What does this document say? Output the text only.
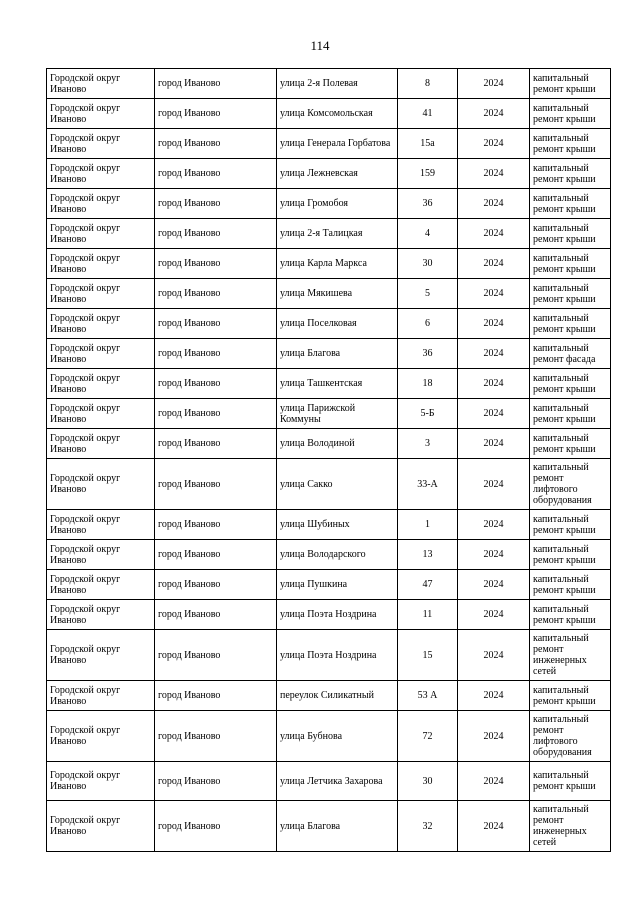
114
Городской округ Иваново	город Иваново	улица 2-я Полевая	8	2024	капитальный ремонт крыши
Городской округ Иваново	город Иваново	улица Комсомольская	41	2024	капитальный ремонт крыши
Городской округ Иваново	город Иваново	улица Генерала Горбатова	15а	2024	капитальный ремонт крыши
Городской округ Иваново	город Иваново	улица Лежневская	159	2024	капитальный ремонт крыши
Городской округ Иваново	город Иваново	улица Громобоя	36	2024	капитальный ремонт крыши
Городской округ Иваново	город Иваново	улица 2-я Талицкая	4	2024	капитальный ремонт крыши
Городской округ Иваново	город Иваново	улица Карла Маркса	30	2024	капитальный ремонт крыши
Городской округ Иваново	город Иваново	улица Мякишева	5	2024	капитальный ремонт крыши
Городской округ Иваново	город Иваново	улица Поселковая	6	2024	капитальный ремонт крыши
Городской округ Иваново	город Иваново	улица Благова	36	2024	капитальный ремонт фасада
Городской округ Иваново	город Иваново	улица Ташкентская	18	2024	капитальный ремонт крыши
Городской округ Иваново	город Иваново	улица Парижской Коммуны	5-Б	2024	капитальный ремонт крыши
Городской округ Иваново	город Иваново	улица Володиной	3	2024	капитальный ремонт крыши
Городской округ Иваново	город Иваново	улица Сакко	33-А	2024	капитальный ремонт лифтового оборудования
Городской округ Иваново	город Иваново	улица Шубиных	1	2024	капитальный ремонт крыши
Городской округ Иваново	город Иваново	улица Володарского	13	2024	капитальный ремонт крыши
Городской округ Иваново	город Иваново	улица Пушкина	47	2024	капитальный ремонт крыши
Городской округ Иваново	город Иваново	улица Поэта Ноздрина	11	2024	капитальный ремонт крыши
Городской округ Иваново	город Иваново	улица Поэта Ноздрина	15	2024	капитальный ремонт инженерных сетей
Городской округ Иваново	город Иваново	переулок Силикатный	53 А	2024	капитальный ремонт крыши
Городской округ Иваново	город Иваново	улица Бубнова	72	2024	капитальный ремонт лифтового оборудования
Городской округ Иваново	город Иваново	улица Летчика Захарова	30	2024	капитальный ремонт крыши
Городской округ Иваново	город Иваново	улица Благова	32	2024	капитальный ремонт инженерных сетей
